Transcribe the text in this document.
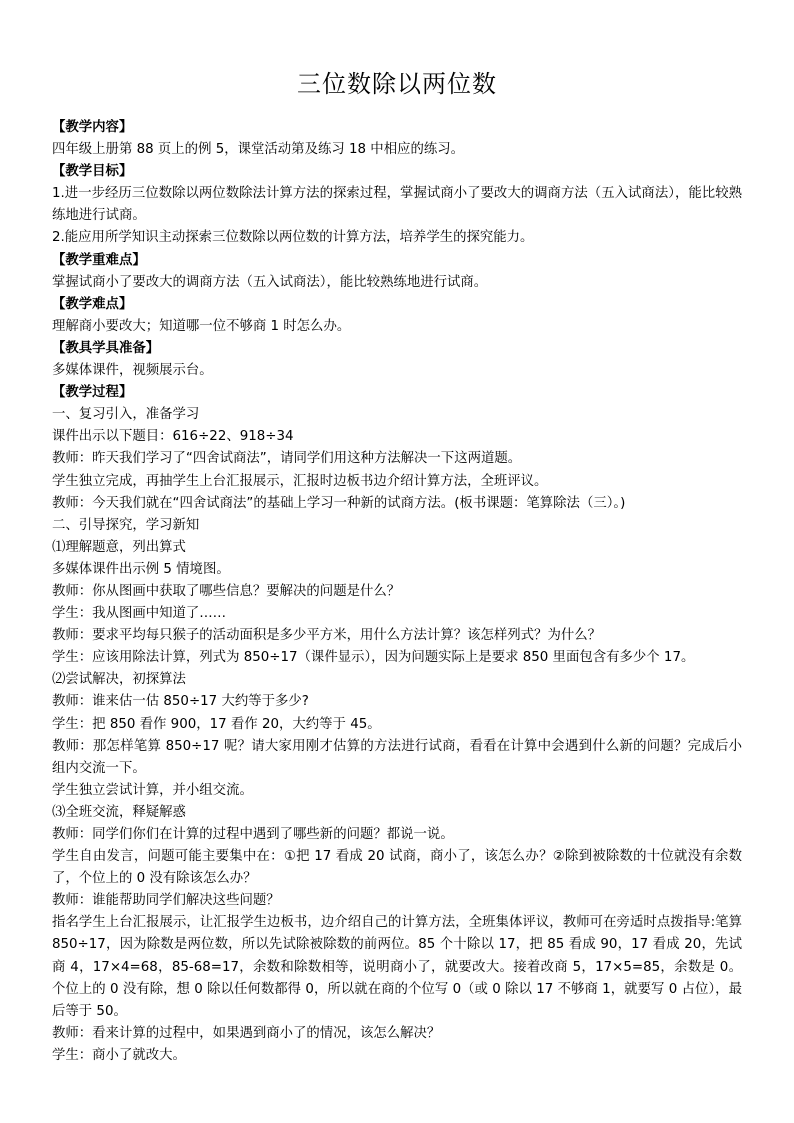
三位数除以两位数

【教学内容】

四年级上册第 88 页上的例 5，课堂活动第及练习 18 中相应的练习。

【教学目标】

1.进一步经历三位数除以两位数除法计算方法的探索过程，掌握试商小了要改大的调商方法（五入试商法），能比较熟练地进行试商。

2.能应用所学知识主动探索三位数除以两位数的计算方法，培养学生的探究能力。

【教学重难点】

掌握试商小了要改大的调商方法（五入试商法），能比较熟练地进行试商。

【教学难点】

理解商小要改大；知道哪一位不够商 1 时怎么办。

【教具学具准备】

多媒体课件，视频展示台。

【教学过程】

一、复习引入，准备学习

课件出示以下题目：616÷22、918÷34

教师：昨天我们学习了“四舍试商法”，请同学们用这种方法解决一下这两道题。

学生独立完成，再抽学生上台汇报展示，汇报时边板书边介绍计算方法，全班评议。

教师：今天我们就在“四舍试商法”的基础上学习一种新的试商方法。(板书课题：笔算除法（三）。)

二、引导探究，学习新知

⑴理解题意，列出算式

多媒体课件出示例 5 情境图。

教师：你从图画中获取了哪些信息？要解决的问题是什么？

学生：我从图画中知道了……

教师：要求平均每只猴子的活动面积是多少平方米，用什么方法计算？该怎样列式？为什么？

学生：应该用除法计算，列式为 850÷17（课件显示），因为问题实际上是要求 850 里面包含有多少个 17。

⑵尝试解决，初探算法

教师：谁来估一估 850÷17 大约等于多少?

学生：把 850 看作 900，17 看作 20，大约等于 45。

教师：那怎样笔算 850÷17 呢？请大家用刚才估算的方法进行试商，看看在计算中会遇到什么新的问题？完成后小组内交流一下。

学生独立尝试计算，并小组交流。

⑶全班交流，释疑解惑

教师：同学们你们在计算的过程中遇到了哪些新的问题？都说一说。

学生自由发言，问题可能主要集中在：①把 17 看成 20 试商，商小了，该怎么办？②除到被除数的十位就没有余数了，个位上的 0 没有除该怎么办？

教师：谁能帮助同学们解决这些问题？

指名学生上台汇报展示，让汇报学生边板书，边介绍自己的计算方法，全班集体评议，教师可在旁适时点拨指导:笔算 850÷17，因为除数是两位数，所以先试除被除数的前两位。85 个十除以 17，把 85 看成 90，17 看成 20，先试商 4，17×4=68，85-68=17，余数和除数相等，说明商小了，就要改大。接着改商 5，17×5=85，余数是 0。个位上的 0 没有除，想 0 除以任何数都得 0，所以就在商的个位写 0（或 0 除以 17 不够商 1，就要写 0 占位），最后等于 50。

教师：看来计算的过程中，如果遇到商小了的情况，该怎么解决？

学生：商小了就改大。
